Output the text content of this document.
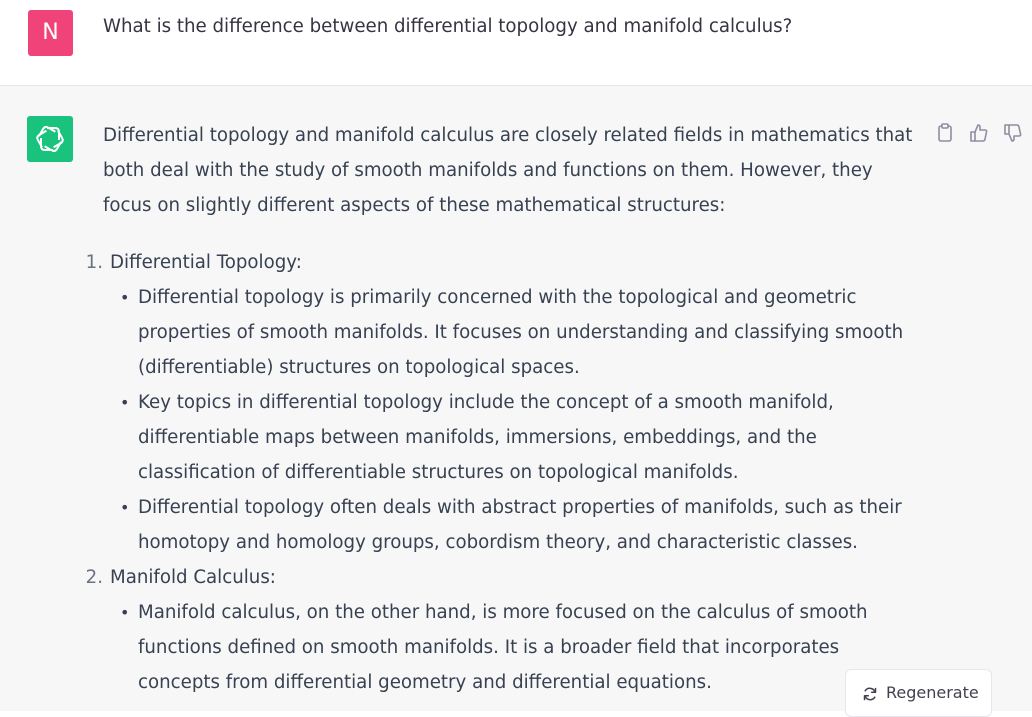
N	What is the difference between differential topology and manifold calculus?

Differential topology and manifold calculus are closely related fields in mathematics that both deal with the study of smooth manifolds and functions on them. However, they focus on slightly different aspects of these mathematical structures:

1. Differential Topology:
• Differential topology is primarily concerned with the topological and geometric properties of smooth manifolds. It focuses on understanding and classifying smooth (differentiable) structures on topological spaces.
• Key topics in differential topology include the concept of a smooth manifold, differentiable maps between manifolds, immersions, embeddings, and the classification of differentiable structures on topological manifolds.
• Differential topology often deals with abstract properties of manifolds, such as their homotopy and homology groups, cobordism theory, and characteristic classes.
2. Manifold Calculus:
• Manifold calculus, on the other hand, is more focused on the calculus of smooth functions defined on smooth manifolds. It is a broader field that incorporates concepts from differential geometry and differential equations.	Regenerate
